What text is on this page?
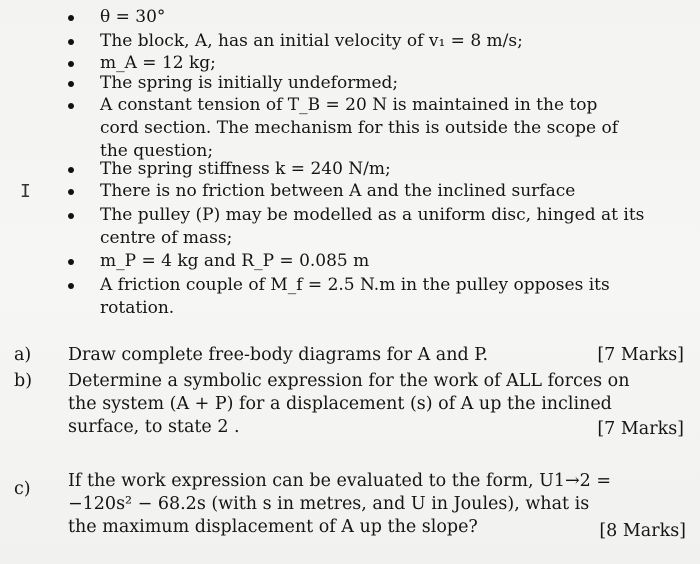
θ = 30°
The block, A, has an initial velocity of v₁ = 8 m/s;
m_A = 12 kg;
The spring is initially undeformed;
A constant tension of T_B = 20 N is maintained in the top cord section. The mechanism for this is outside the scope of the question;
The spring stiffness k = 240 N/m;
There is no friction between A and the inclined surface
The pulley (P) may be modelled as a uniform disc, hinged at its centre of mass;
m_P = 4 kg and R_P = 0.085 m
A friction couple of M_f = 2.5 N.m in the pulley opposes its rotation.
I
a) Draw complete free-body diagrams for A and P.	[7 Marks]
b) Determine a symbolic expression for the work of ALL forces on the system (A + P) for a displacement (s) of A up the inclined surface, to state 2 .	[7 Marks]
c) If the work expression can be evaluated to the form, U1→2 = −120s² − 68.2s (with s in metres, and U in Joules), what is the maximum displacement of A up the slope?	[8 Marks]
